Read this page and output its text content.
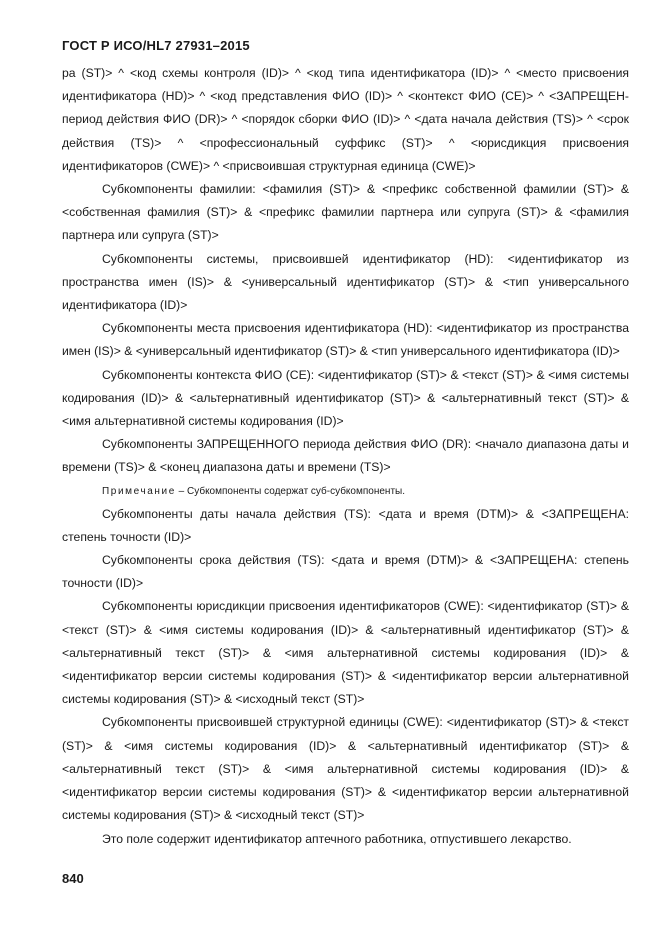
ГОСТ Р ИСО/HL7 27931–2015

ра (ST)> ^ <код схемы контроля (ID)> ^ <код типа идентификатора (ID)> ^ <место присвоения идентификатора (HD)> ^ <код представления ФИО (ID)> ^ <контекст ФИО (CE)> ^ <ЗАПРЕЩЕН-период действия ФИО (DR)> ^ <порядок сборки ФИО (ID)> ^ <дата начала действия (TS)> ^ <срок действия (TS)> ^ <профессиональный суффикс (ST)> ^ <юрисдикция присвоения идентификаторов (CWE)> ^ <присвоившая структурная единица (CWE)>

Субкомпоненты фамилии: <фамилия (ST)> & <префикс собственной фамилии (ST)> & <собственная фамилия (ST)> & <префикс фамилии партнера или супруга (ST)> & <фамилия партнера или супруга (ST)>

Субкомпоненты системы, присвоившей идентификатор (HD): <идентификатор из пространства имен (IS)> & <универсальный идентификатор (ST)> & <тип универсального идентификатора (ID)>

Субкомпоненты места присвоения идентификатора (HD): <идентификатор из пространства имен (IS)> & <универсальный идентификатор (ST)> & <тип универсального идентификатора (ID)>

Субкомпоненты контекста ФИО (CE): <идентификатор (ST)> & <текст (ST)> & <имя системы кодирования (ID)> & <альтернативный идентификатор (ST)> & <альтернативный текст (ST)> & <имя альтернативной системы кодирования (ID)>

Субкомпоненты ЗАПРЕЩЕННОГО периода действия ФИО (DR): <начало диапазона даты и времени (TS)> & <конец диапазона даты и времени (TS)>

Примечание – Субкомпоненты содержат суб-субкомпоненты.

Субкомпоненты даты начала действия (TS): <дата и время (DTM)> & <ЗАПРЕЩЕНА: степень точности (ID)>

Субкомпоненты срока действия (TS): <дата и время (DTM)> & <ЗАПРЕЩЕНА: степень точности (ID)>

Субкомпоненты юрисдикции присвоения идентификаторов (CWE): <идентификатор (ST)> & <текст (ST)> & <имя системы кодирования (ID)> & <альтернативный идентификатор (ST)> & <альтернативный текст (ST)> & <имя альтернативной системы кодирования (ID)> & <идентификатор версии системы кодирования (ST)> & <идентификатор версии альтернативной системы кодирования (ST)> & <исходный текст (ST)>

Субкомпоненты присвоившей структурной единицы (CWE): <идентификатор (ST)> & <текст (ST)> & <имя системы кодирования (ID)> & <альтернативный идентификатор (ST)> & <альтернативный текст (ST)> & <имя альтернативной системы кодирования (ID)> & <идентификатор версии системы кодирования (ST)> & <идентификатор версии альтернативной системы кодирования (ST)> & <исходный текст (ST)>

Это поле содержит идентификатор аптечного работника, отпустившего лекарство.

840
